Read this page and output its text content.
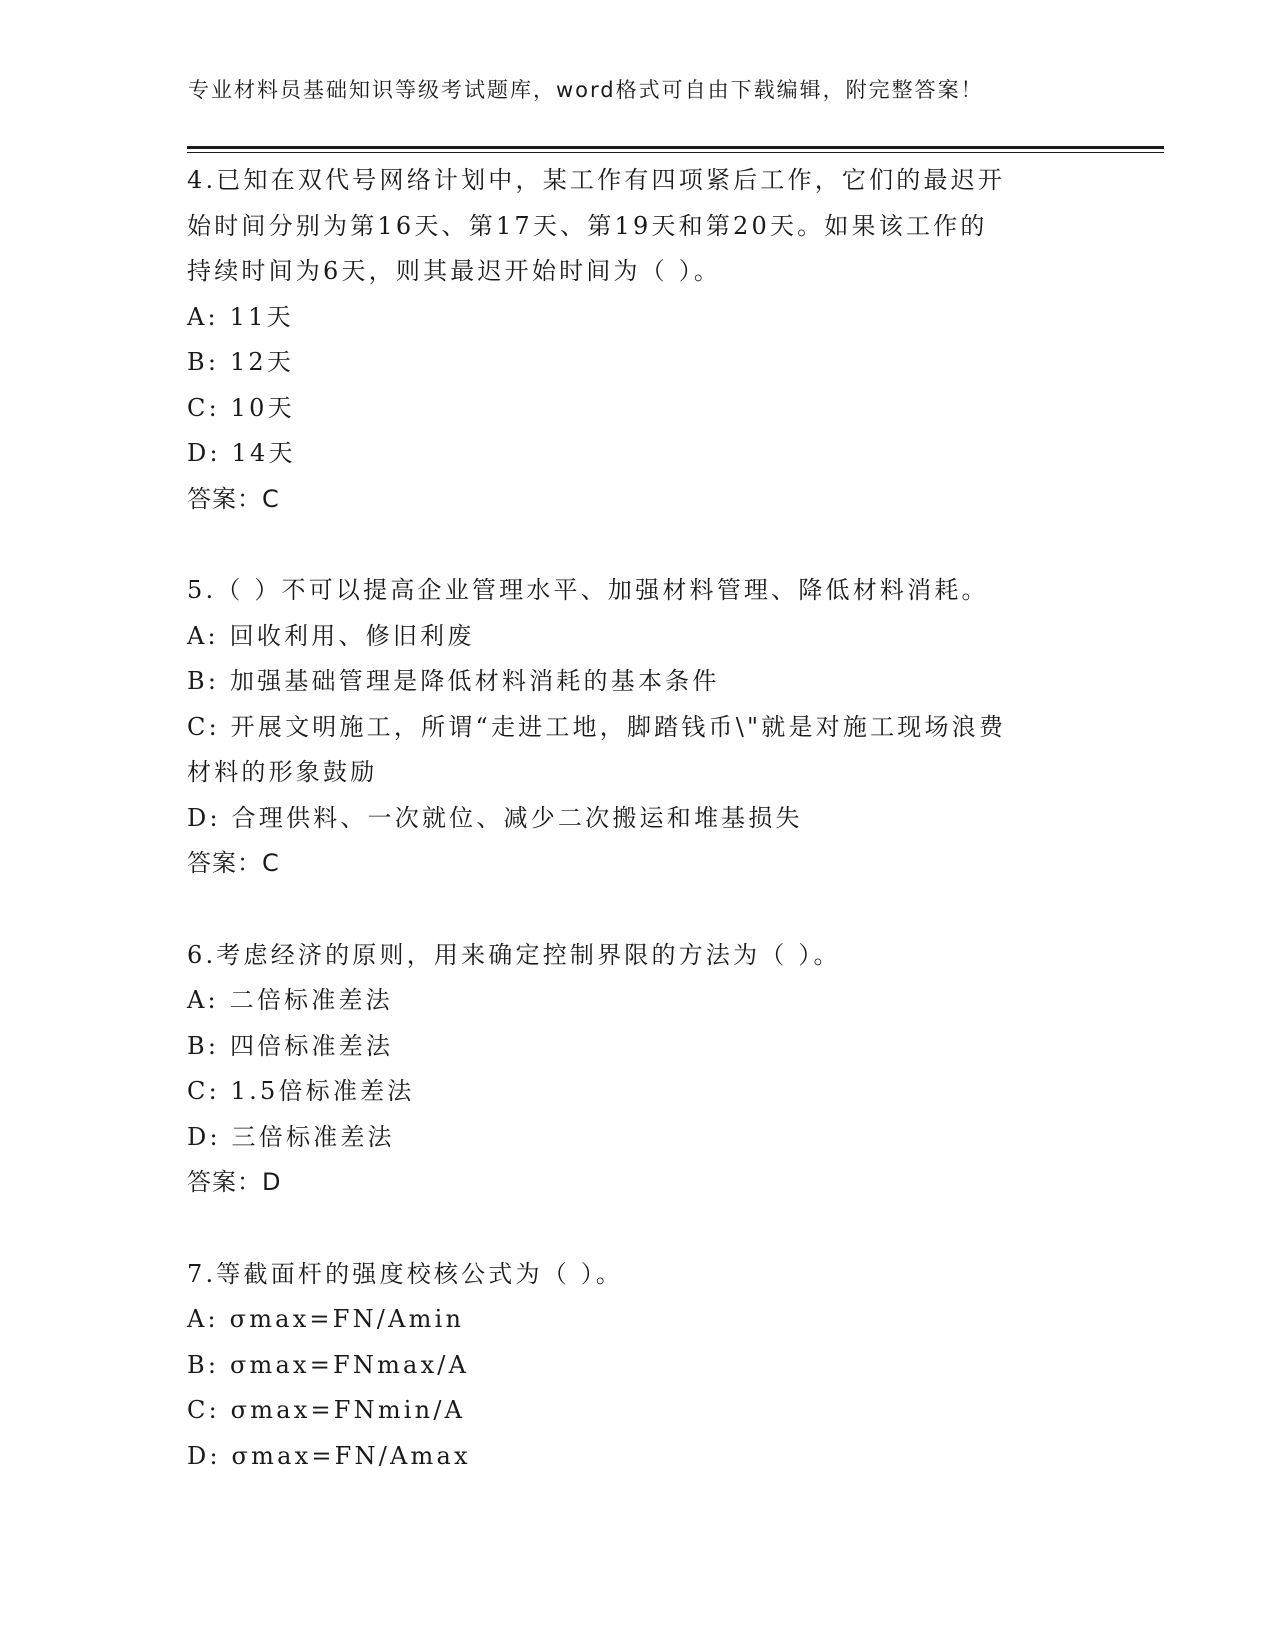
专业材料员基础知识等级考试题库，word格式可自由下载编辑，附完整答案！
4.已知在双代号网络计划中，某工作有四项紧后工作，它们的最迟开
始时间分别为第16天、第17天、第19天和第20天。如果该工作的
持续时间为6天，则其最迟开始时间为（ ）。
A: 11天
B: 12天
C: 10天
D: 14天
答案：C
5.（ ）不可以提高企业管理水平、加强材料管理、降低材料消耗。
A: 回收利用、修旧利废
B: 加强基础管理是降低材料消耗的基本条件
C: 开展文明施工，所谓“走进工地，脚踏钱币\"就是对施工现场浪费
材料的形象鼓励
D: 合理供料、一次就位、减少二次搬运和堆基损失
答案：C
6.考虑经济的原则，用来确定控制界限的方法为（ ）。
A: 二倍标准差法
B: 四倍标准差法
C: 1.5倍标准差法
D: 三倍标准差法
答案：D
7.等截面杆的强度校核公式为（ ）。
A: σmax=FN/Amin
B: σmax=FNmax/A
C: σmax=FNmin/A
D: σmax=FN/Amax
